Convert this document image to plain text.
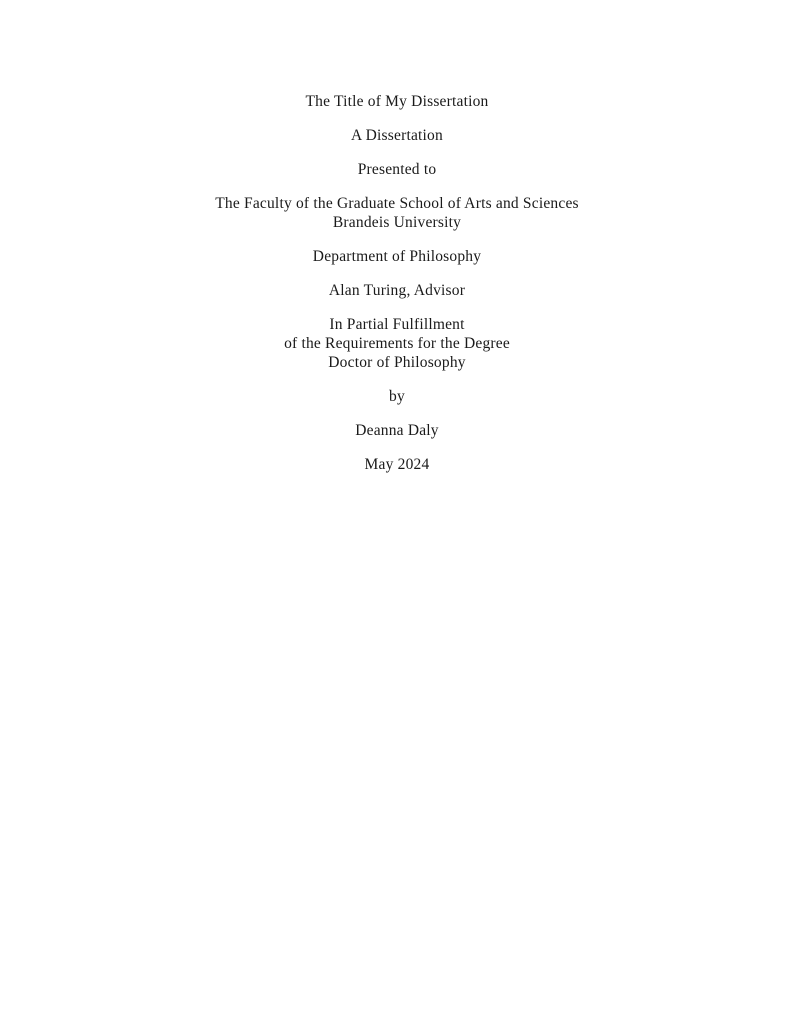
The Title of My Dissertation
A Dissertation
Presented to
The Faculty of the Graduate School of Arts and Sciences
Brandeis University
Department of Philosophy
Alan Turing, Advisor
In Partial Fulfillment
of the Requirements for the Degree
Doctor of Philosophy
by
Deanna Daly
May 2024
